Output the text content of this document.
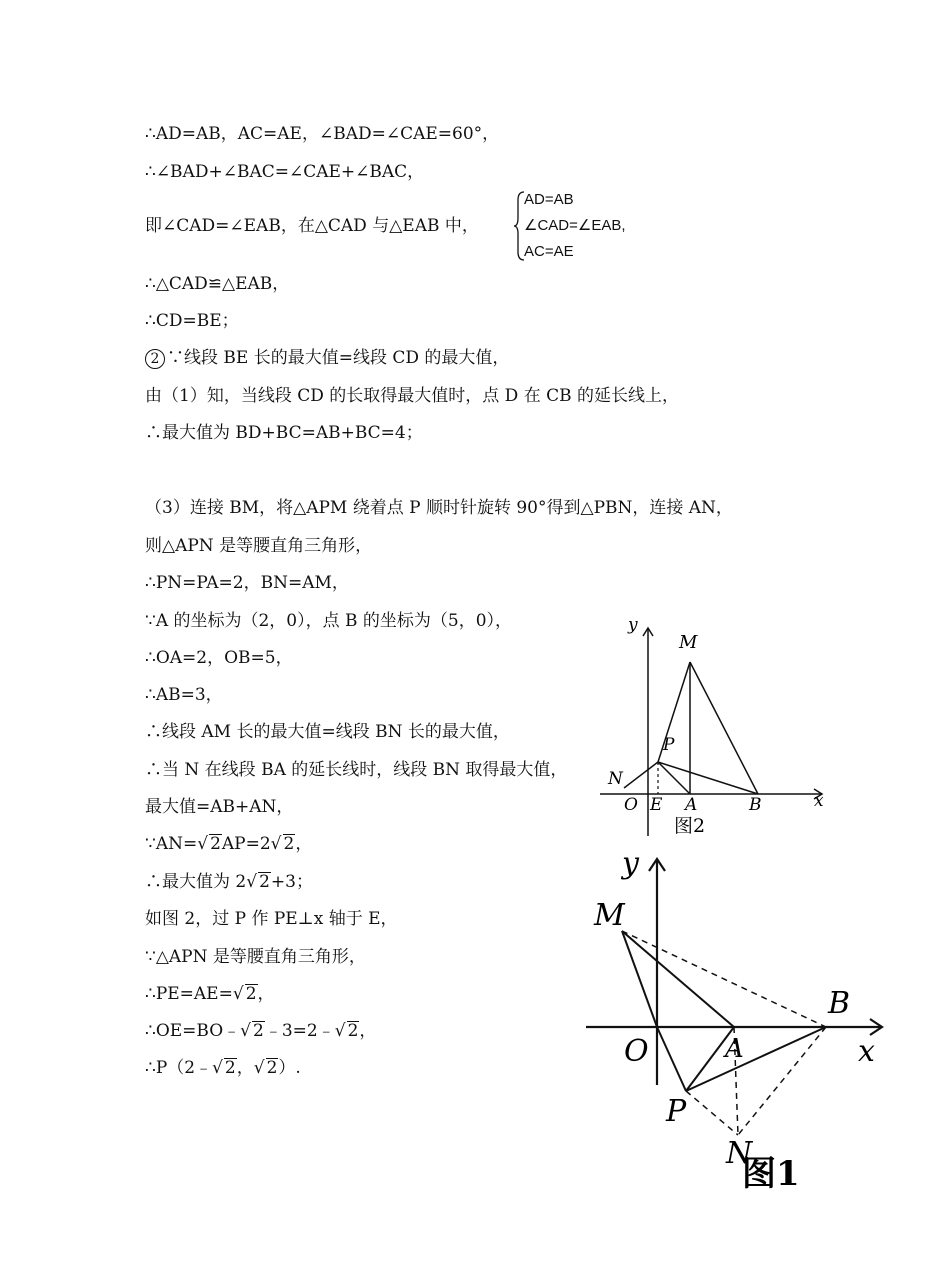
∴AD=AB，AC=AE，∠BAD=∠CAE=60°，
∴∠BAD+∠BAC=∠CAE+∠BAC，
即∠CAD=∠EAB，在△CAD 与△EAB 中，
AD=AB
∠CAD=∠EAB,
AC=AE
∴△CAD≌△EAB，
∴CD=BE；
2 ∵线段 BE 长的最大值=线段 CD 的最大值，
由（1）知，当线段 CD 的长取得最大值时，点 D 在 CB 的延长线上，
∴最大值为 BD+BC=AB+BC=4；
（3）连接 BM，将△APM 绕着点 P 顺时针旋转 90°得到△PBN，连接 AN，
则△APN 是等腰直角三角形，
∴PN=PA=2，BN=AM，
∵A 的坐标为（2，0），点 B 的坐标为（5，0），
∴OA=2，OB=5，
∴AB=3，
∴线段 AM 长的最大值=线段 BN 长的最大值，
∴当 N 在线段 BA 的延长线时，线段 BN 取得最大值，
最大值=AB+AN，
∵AN=√ 2AP=2√ 2，
∴最大值为 2√ 2+3；
如图 2，过 P 作 PE⊥x 轴于 E，
∵△APN 是等腰直角三角形，
∴PE=AE=√ 2，
∴OE=BO﹣√ 2﹣3=2﹣√ 2，
∴P（2﹣√ 2，√ 2）.
y
x
M
P
N
O E A	B
图2
y
x
M
B
O	A
P
N
图1
